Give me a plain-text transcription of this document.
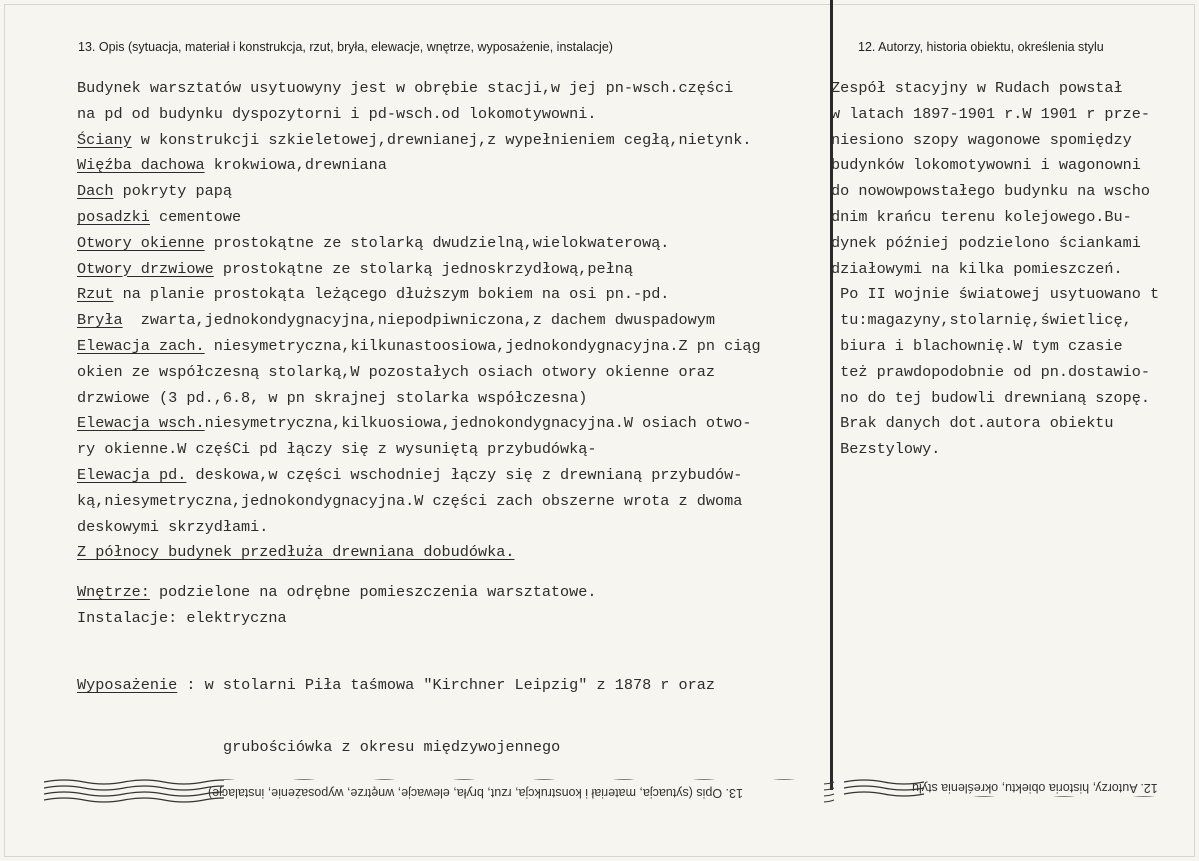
13. Opis (sytuacja, materiał i konstrukcja, rzut, bryła, elewacje, wnętrze, wyposażenie, instalacje)	12. Autorzy, historia obiektu, określenia stylu
Budynek warsztatów usytuowyny jest w obrębie stacji,w jej pn-wsch.części
na pd od budynku dyspozytorni i pd-wsch.od lokomotywowni.
Ściany w konstrukcji szkieletowej,drewnianej,z wypełnieniem cegłą,nietynk.
Więźba dachowa krokwiowa,drewniana
Dach pokryty papą
posadzki cementowe
Otwory okienne prostokątne ze stolarką dwudzielną,wielokwaterową.
Otwory drzwiowe prostokątne ze stolarką jednoskrzydłową,pełną
Rzut na planie prostokąta leżącego dłuższym bokiem na osi pn.-pd.
Bryła  zwarta,jednokondygnacyjna,niepodpiwniczona,z dachem dwuspadowym
Elewacja zach. niesymetryczna,kilkunastoosiowa,jednokondygnacyjna.Z pn ciąg
okien ze współczesną stolarką,W pozostałych osiach otwory okienne oraz
drzwiowe (3 pd.,6.8, w pn skrajnej stolarka współczesna)
Elewacja wsch.niesymetryczna,kilkuosiowa,jednokondygnacyjna.W osiach otwo-
ry okienne.W częśCi pd łączy się z wysuniętą przybudówką-
Elewacja pd. deskowa,w części wschodniej łączy się z drewnianą przybudów-
ką,niesymetryczna,jednokondygnacyjna.W części zach obszerne wrota z dwoma
deskowymi skrzydłami.
Z północy budynek przedłuża drewniana dobudówka.
Wnętrze: podzielone na odrębne pomieszczenia warsztatowe.
Instalacje: elektryczna

Wyposażenie : w stolarni Piła taśmowa "Kirchner Leipzig" z 1878 r oraz

grubościówka z okresu międzywojennego

Zespół stacyjny w Rudach powstał
w latach 1897-1901 r.W 1901 r prze-
niesiono szopy wagonowe spomiędzy
budynków lokomotywowni i wagonowni
do nowowpowstałego budynku na wscho
dnim krańcu terenu kolejowego.Bu-
dynek później podzielono ściankami
działowymi na kilka pomieszczeń.
Po II wojnie światowej usytuowano t
tu:magazyny,stolarnię,świetlicę,
biura i blachownię.W tym czasie
też prawdopodobnie od pn.dostawio-
no do tej budowli drewnianą szopę.
Brak danych dot.autora obiektu
Bezstylowy.
13. Opis (sytuacja, materiał i konstrukcja, rzut, bryła, elewacje, wnętrze, wyposażenie, instalacje)	12. Autorzy, historia obiektu, określenia stylu
